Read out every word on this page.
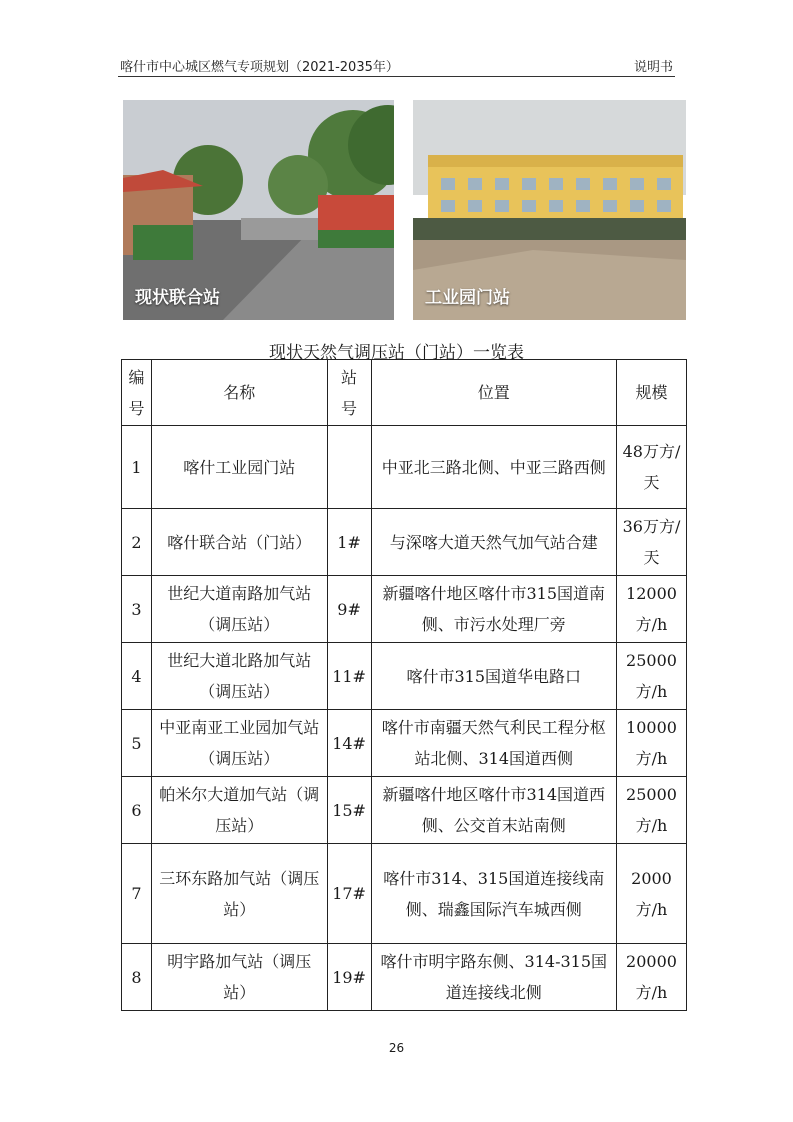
喀什市中心城区燃气专项规划（2021-2035年）	说明书
现状联合站	工业园门站
现状天然气调压站（门站）一览表
编号	名称	站号	位置	规模
1	喀什工业园门站		中亚北三路北侧、中亚三路西侧	48万方/天
2	喀什联合站（门站）	1#	与深喀大道天然气加气站合建	36万方/天
3	世纪大道南路加气站（调压站）	9#	新疆喀什地区喀什市315国道南侧、市污水处理厂旁	12000方/h
4	世纪大道北路加气站（调压站）	11#	喀什市315国道华电路口	25000方/h
5	中亚南亚工业园加气站（调压站）	14#	喀什市南疆天然气利民工程分枢站北侧、314国道西侧	10000方/h
6	帕米尔大道加气站（调压站）	15#	新疆喀什地区喀什市314国道西侧、公交首末站南侧	25000方/h
7	三环东路加气站（调压站）	17#	喀什市314、315国道连接线南侧、瑞鑫国际汽车城西侧	2000方/h
8	明宇路加气站（调压站）	19#	喀什市明宇路东侧、314-315国道连接线北侧	20000方/h
26
